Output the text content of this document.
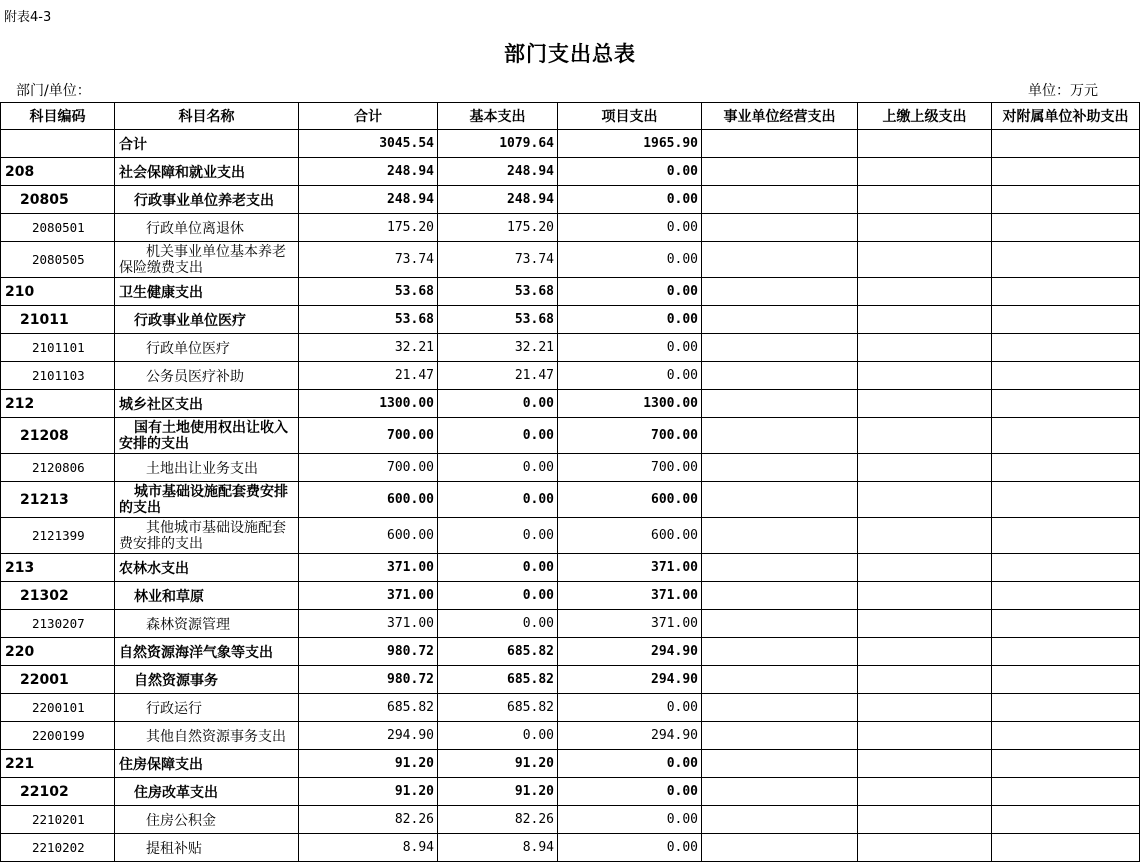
附表4-3
部门支出总表
部门/单位：	单位：万元
科目编码	科目名称	合计	基本支出	项目支出	事业单位经营支出	上缴上级支出	对附属单位补助支出
	合计	3045.54	1079.64	1965.90			
208	社会保障和就业支出	248.94	248.94	0.00			
20805	行政事业单位养老支出	248.94	248.94	0.00			
2080501	行政单位离退休	175.20	175.20	0.00			
2080505	机关事业单位基本养老保险缴费支出	73.74	73.74	0.00			
210	卫生健康支出	53.68	53.68	0.00			
21011	行政事业单位医疗	53.68	53.68	0.00			
2101101	行政单位医疗	32.21	32.21	0.00			
2101103	公务员医疗补助	21.47	21.47	0.00			
212	城乡社区支出	1300.00	0.00	1300.00			
21208	国有土地使用权出让收入安排的支出	700.00	0.00	700.00			
2120806	土地出让业务支出	700.00	0.00	700.00			
21213	城市基础设施配套费安排的支出	600.00	0.00	600.00			
2121399	其他城市基础设施配套费安排的支出	600.00	0.00	600.00			
213	农林水支出	371.00	0.00	371.00			
21302	林业和草原	371.00	0.00	371.00			
2130207	森林资源管理	371.00	0.00	371.00			
220	自然资源海洋气象等支出	980.72	685.82	294.90			
22001	自然资源事务	980.72	685.82	294.90			
2200101	行政运行	685.82	685.82	0.00			
2200199	其他自然资源事务支出	294.90	0.00	294.90			
221	住房保障支出	91.20	91.20	0.00			
22102	住房改革支出	91.20	91.20	0.00			
2210201	住房公积金	82.26	82.26	0.00			
2210202	提租补贴	8.94	8.94	0.00			
